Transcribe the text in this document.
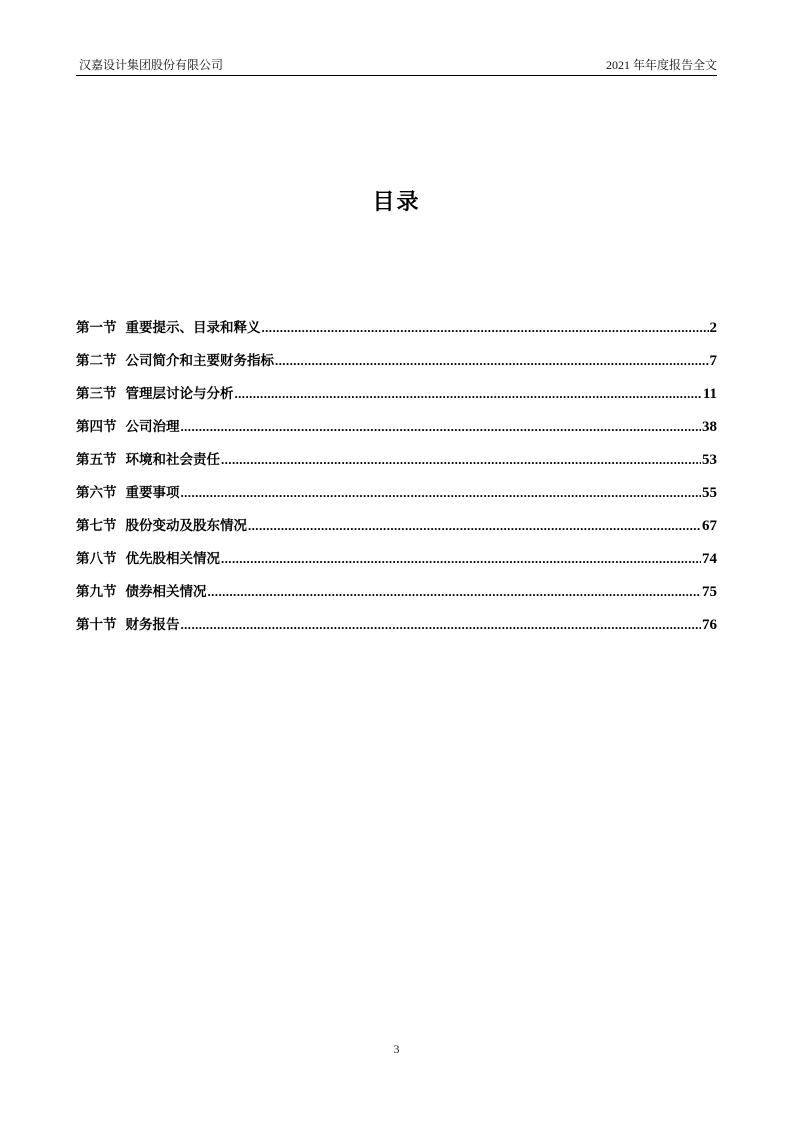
汉嘉设计集团股份有限公司	2021 年年度报告全文
目录
第一节 重要提示、目录和释义 .....	2
第二节 公司简介和主要财务指标 .....	7
第三节 管理层讨论与分析 .....	11
第四节 公司治理 .....	38
第五节 环境和社会责任 .....	53
第六节 重要事项 .....	55
第七节 股份变动及股东情况 .....	67
第八节 优先股相关情况 .....	74
第九节 债券相关情况 .....	75
第十节 财务报告 .....	76
3
